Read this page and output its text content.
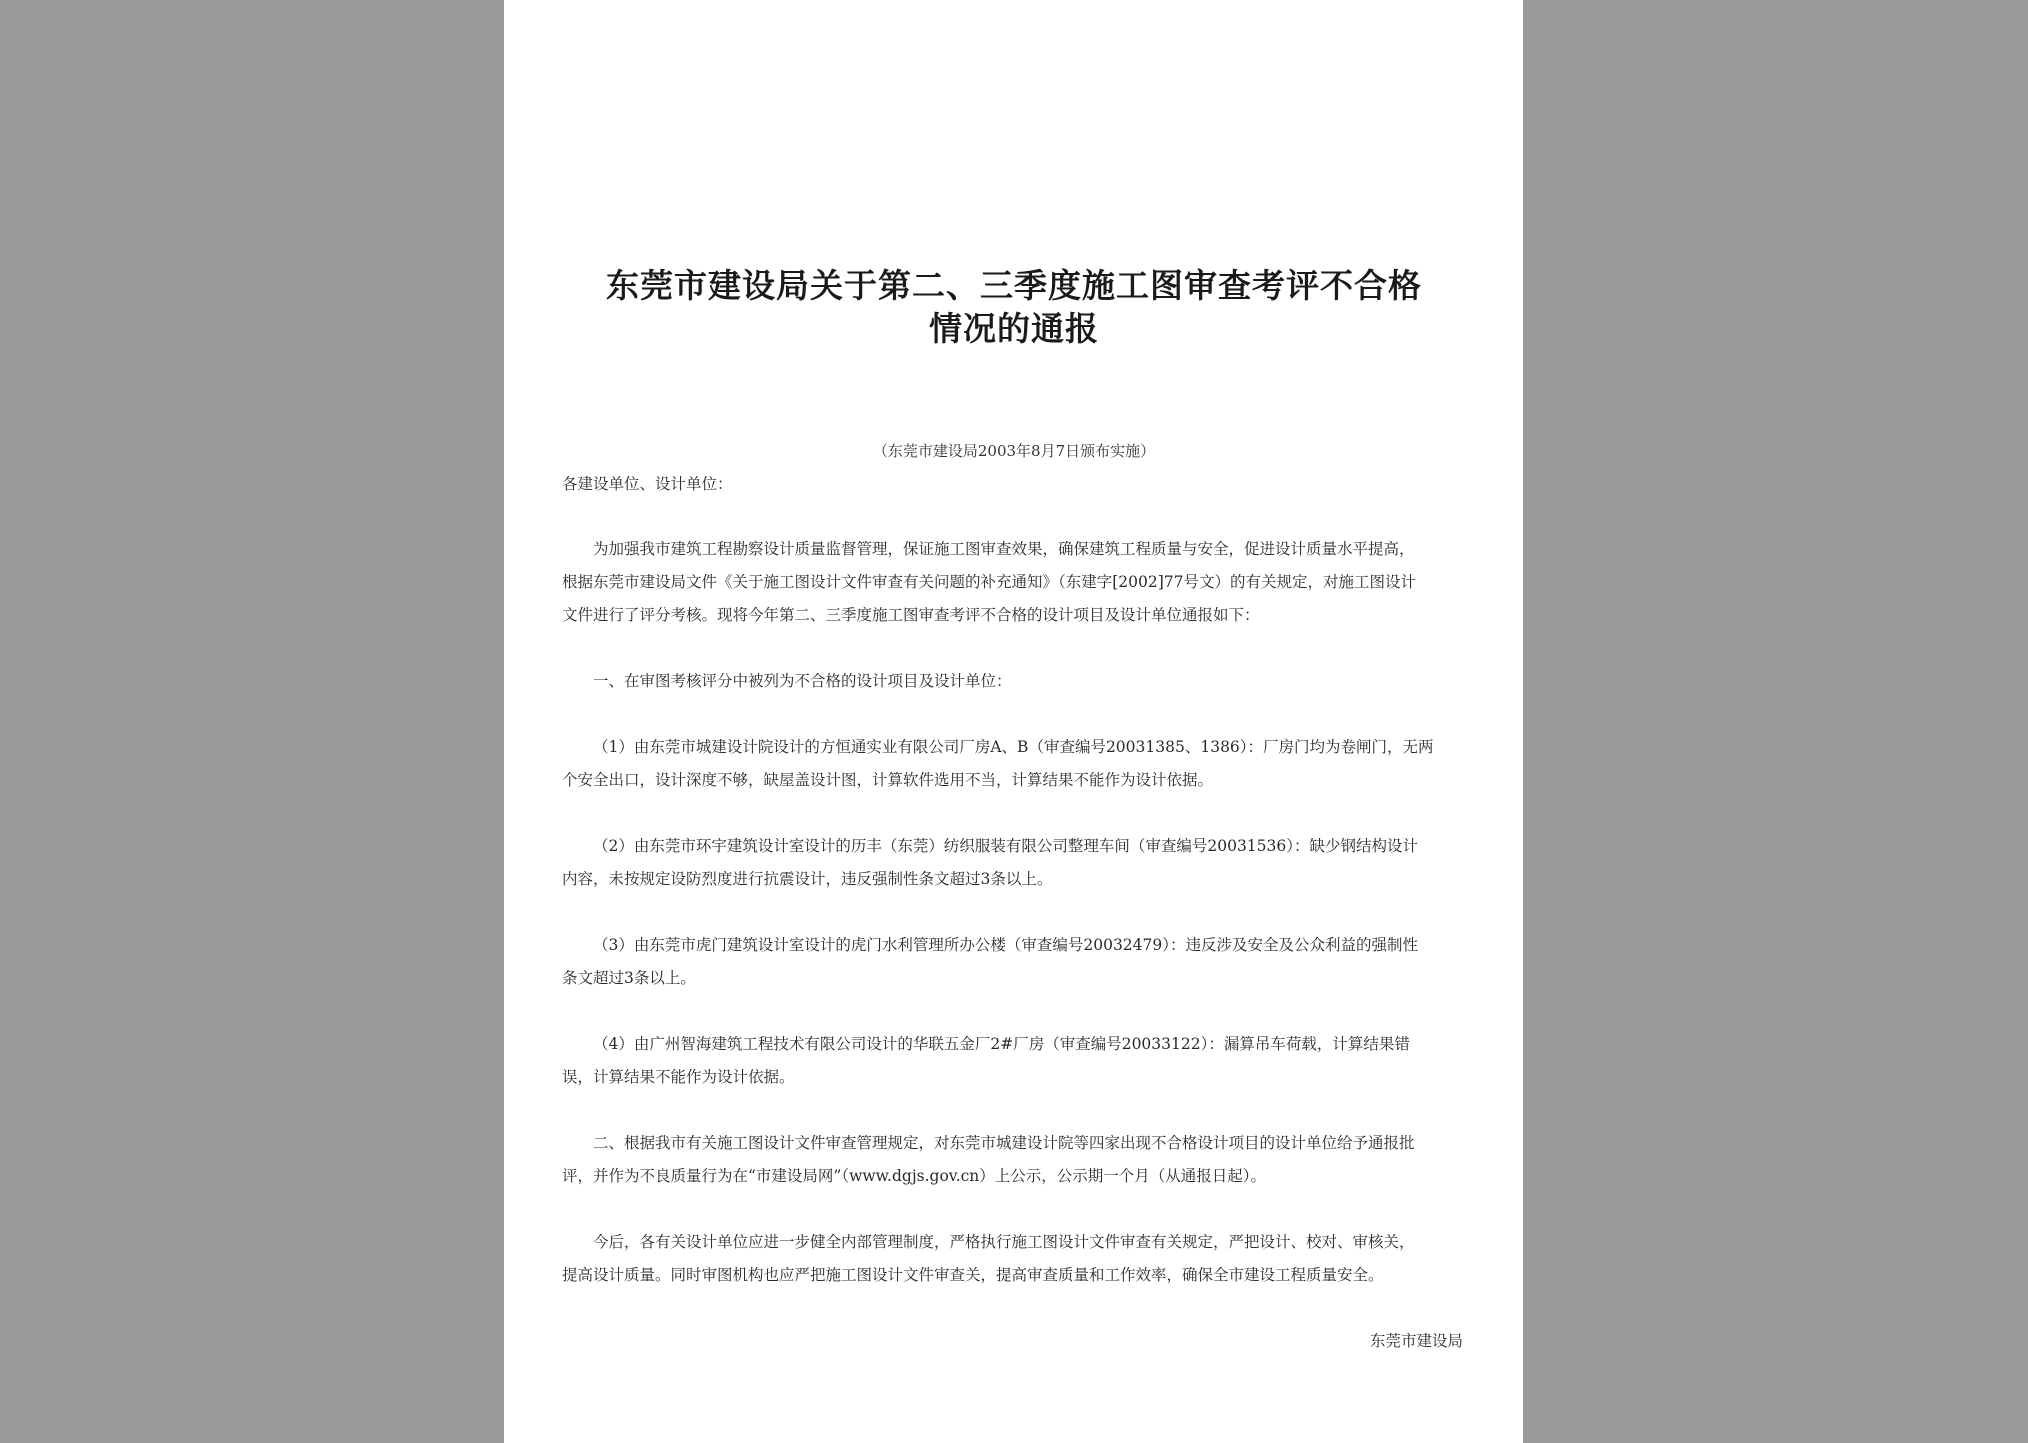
东莞市建设局关于第二、三季度施工图审查考评不合格
情况的通报
（东莞市建设局2003年8月7日颁布实施）
各建设单位、设计单位：
为加强我市建筑工程勘察设计质量监督管理，保证施工图审查效果，确保建筑工程质量与安全，促进设计质量水平提高，
根据东莞市建设局文件《关于施工图设计文件审查有关问题的补充通知》（东建字[2002]77号文）的有关规定，对施工图设计
文件进行了评分考核。现将今年第二、三季度施工图审查考评不合格的设计项目及设计单位通报如下：
一、在审图考核评分中被列为不合格的设计项目及设计单位：
（1）由东莞市城建设计院设计的方恒通实业有限公司厂房A、B（审查编号20031385、1386）：厂房门均为卷闸门，无两
个安全出口，设计深度不够，缺屋盖设计图，计算软件选用不当，计算结果不能作为设计依据。
（2）由东莞市环宇建筑设计室设计的历丰（东莞）纺织服装有限公司整理车间（审查编号20031536）：缺少钢结构设计
内容，未按规定设防烈度进行抗震设计，违反强制性条文超过3条以上。
（3）由东莞市虎门建筑设计室设计的虎门水利管理所办公楼（审查编号20032479）：违反涉及安全及公众利益的强制性
条文超过3条以上。
（4）由广州智海建筑工程技术有限公司设计的华联五金厂2#厂房（审查编号20033122）：漏算吊车荷载，计算结果错
误，计算结果不能作为设计依据。
二、根据我市有关施工图设计文件审查管理规定，对东莞市城建设计院等四家出现不合格设计项目的设计单位给予通报批
评，并作为不良质量行为在“市建设局网”（www.dgjs.gov.cn）上公示，公示期一个月（从通报日起）。
今后，各有关设计单位应进一步健全内部管理制度，严格执行施工图设计文件审查有关规定，严把设计、校对、审核关，
提高设计质量。同时审图机构也应严把施工图设计文件审查关，提高审查质量和工作效率，确保全市建设工程质量安全。
东莞市建设局
